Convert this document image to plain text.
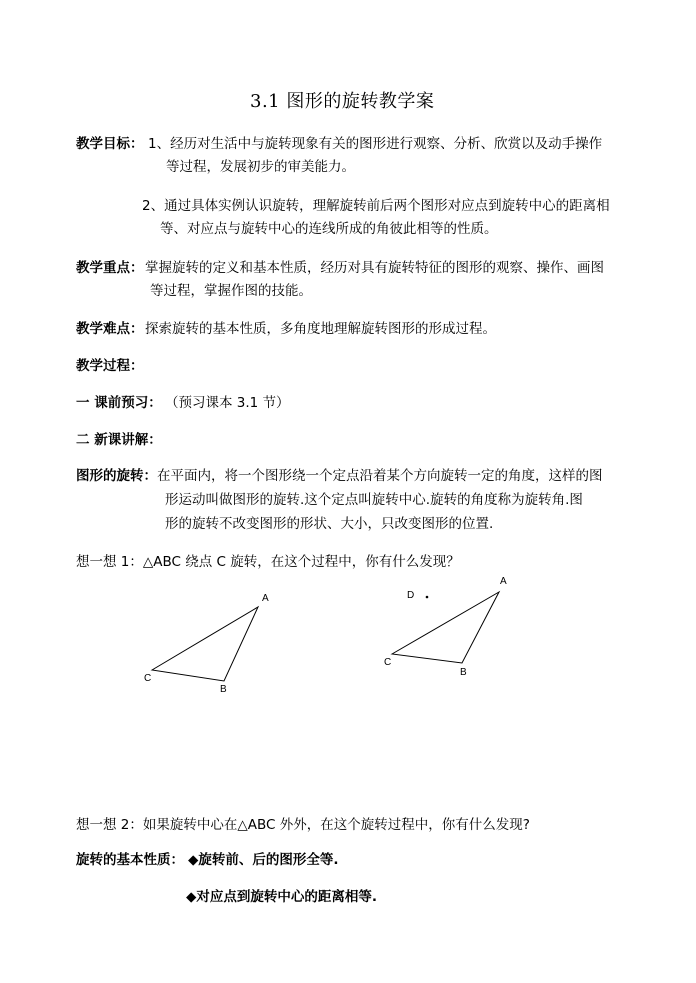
3.1 图形的旋转教学案
教学目标： 1、经历对生活中与旋转现象有关的图形进行观察、分析、欣赏以及动手操作
等过程，发展初步的审美能力。
2、通过具体实例认识旋转，理解旋转前后两个图形对应点到旋转中心的距离相
等、对应点与旋转中心的连线所成的角彼此相等的性质。
教学重点： 掌握旋转的定义和基本性质，经历对具有旋转特征的图形的观察、操作、画图
等过程，掌握作图的技能。
教学难点： 探索旋转的基本性质，多角度地理解旋转图形的形成过程。
教学过程：
一 课前预习： （预习课本 3.1 节）
二 新课讲解：
图形的旋转： 在平面内，将一个图形绕一个定点沿着某个方向旋转一定的角度，这样的图
形运动叫做图形的旋转.这个定点叫旋转中心.旋转的角度称为旋转角.图
形的旋转不改变图形的形状、大小，只改变图形的位置.
想一想 1：△ABC 绕点 C 旋转，在这个过程中，你有什么发现？
A
C
B
A
D
C
B
想一想 2：如果旋转中心在△ABC 外外，在这个旋转过程中，你有什么发现?
旋转的基本性质： ◆旋转前、后的图形全等.
◆对应点到旋转中心的距离相等.
